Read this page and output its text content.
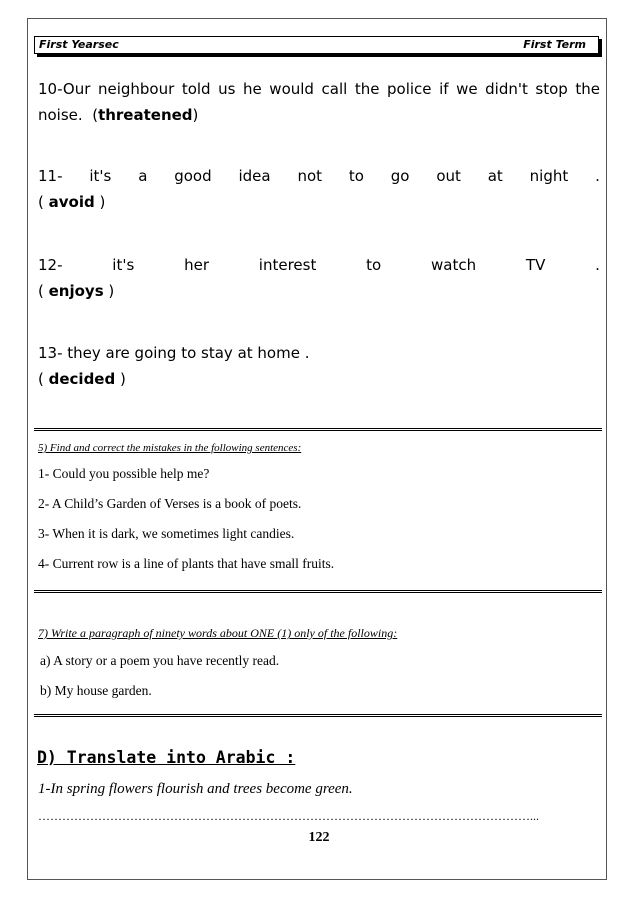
First Yearsec	First Term
10-Our neighbour told us he would call the police if we didn't stop the noise.  (threatened)
11- it's a good idea not to go out at night .
( avoid )
12-	it's	her	interest	to	watch	TV	.
( enjoys )
13- they are going to stay at home .
( decided )
5) Find and correct the mistakes in the following sentences:
1- Could you possible help me?
2- A Child’s Garden of Verses is a book of poets.
3- When it is dark, we sometimes light candies.
4- Current row is a line of plants that have small fruits.
7) Write a paragraph of ninety words about ONE (1) only of the following:
a) A story or a poem you have recently read.
b) My house garden.
D) Translate into Arabic :
1-In spring flowers flourish and trees become green.
……………………………………………………………………………………………………………...
122
